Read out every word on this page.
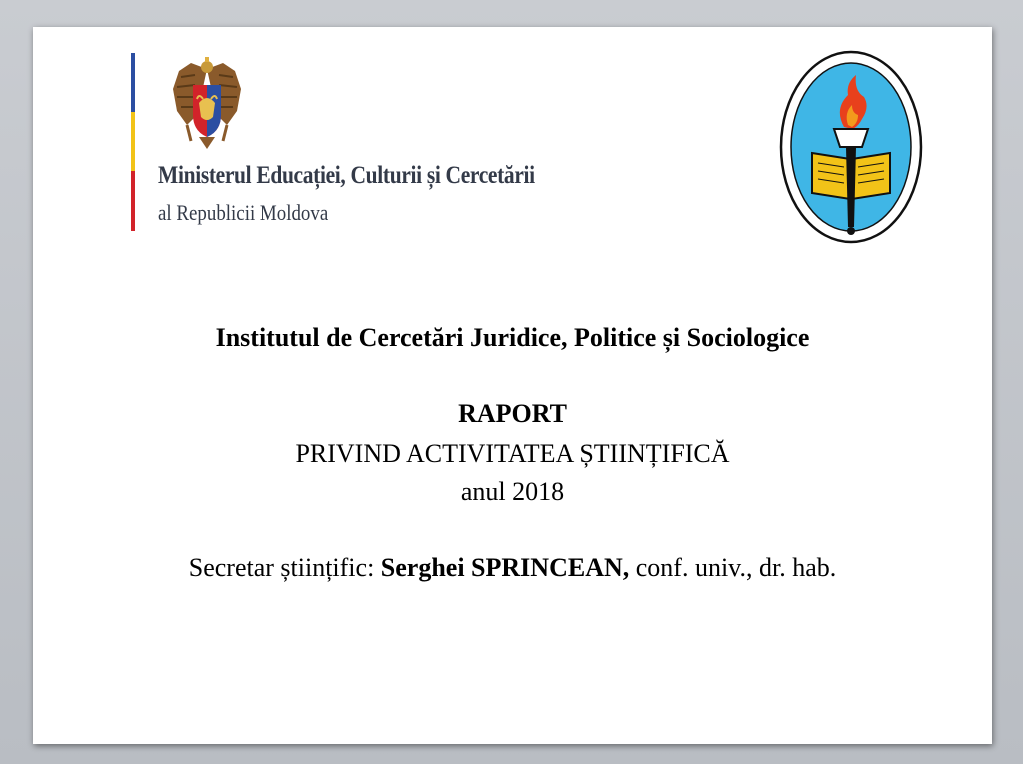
Ministerul Educației, Culturii și Cercetării
al Republicii Moldova
Institutul de Cercetări Juridice, Politice și Sociologice
RAPORT
PRIVIND ACTIVITATEA ȘTIINȚIFICĂ
anul 2018
Secretar științific: Serghei SPRINCEAN, conf. univ., dr. hab.
